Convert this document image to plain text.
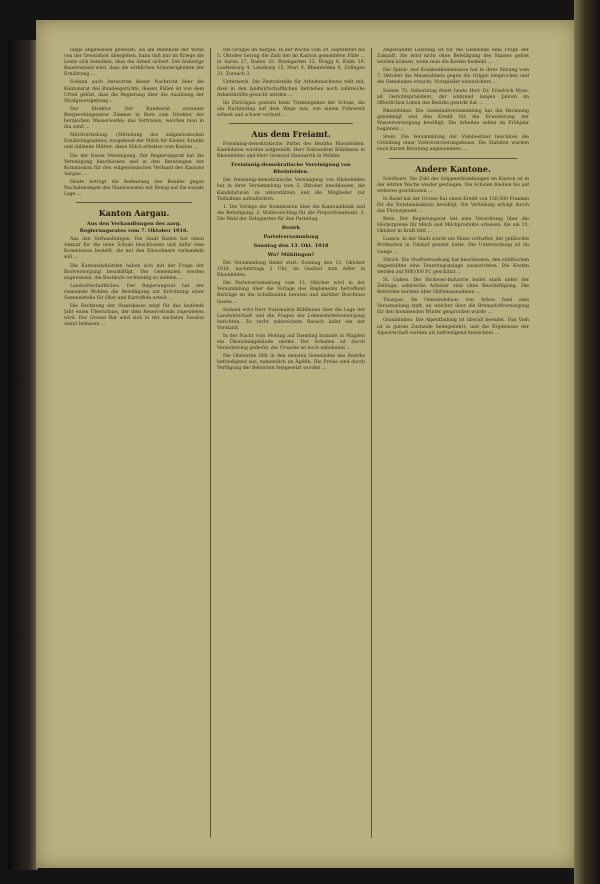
lange abgewiesen gewesen, als am Bahnhofe der Wahn von der Gewissheit übergehen, kann daß nur im Kriege die Leute sich bemühen, dass die Arbeit sichert. Der bisherige Bauernstand wird, dass die wirklichen Schwierigkeiten der Ernährung ...

Sodann auch Antworten dieser Nachricht über die Kantonsrat des Bundesgerichts, diesen Fällen ist von dem Urteil gelöst, dass die Regierung über die Ausübung der Strafgesetzgebung ...

Der Direktor. Der Bundesrat ernannte Bergwerkingenieur Zimmer in Bern zum Direktor der bernischen Wasserwerke; das Vertrauen, welches man in ihn setzt ...

Milchverteilung. (Mitteilung des eidgenössischen Ernährungsamtes) Ausgehend der Milch für Kinder, Kranke und stillende Mütter; diese Milch erhalten vom Kanton ...

Die der Rasse Vereinigung. Der Regierungsrat hat die Vereinigung beschlossen und in den Beratungen der Kommission für den eidgenössischen Verband des Kantons Aargau ...

Heute beträgt die Bedeutung des Bundes gegen Nachahmungen des Staatswesens mit Bezug auf die soziale Lage ...

Kanton Aargau.
Aus den Verhandlungen des aarg. Regierungsrates vom 7. Oktober 1918.

Aus den Verhandlungen. Die Stadt Baden hat einen Ankauf für die neue Schule beschlossen und dafür eine Kommission bestellt, die mit den Einwohnern verhandeln soll ...

Die Kantonsbehörden haben sich mit der Frage der Brotversorgung beschäftigt. Die Gemeinden werden angewiesen, die Bestände rechtzeitig zu melden ...

Landwirtschaftliches. Der Regierungsrat hat der Gemeinde Wohlen die Bewilligung zur Errichtung einer Sammelstelle für Obst und Kartoffeln erteilt ...

Die Rechnung der Staatskasse zeigt für das laufende Jahr einen Überschuss, der dem Reservefonds zugewiesen wird. Der Grosse Rat wird sich in der nächsten Session damit befassen ...

Die Gruppe im Aargau. In der Woche vom 29. September bis 5. Oktober betrug die Zahl der im Kanton gemeldeten Fälle ... in Aarau 27, Baden 33, Bremgarten 12, Brugg 8, Kulm 19, Laufenburg 4, Lenzburg 15, Muri 9, Rheinfelden 6, Zofingen 21, Zurzach 3.

Unterwerb. Die Zentralstelle für Arbeitsnachweis teilt mit, dass in den landwirtschaftlichen Betrieben noch zahlreiche Arbeitskräfte gesucht werden ...

Im Zürichgau gestern beim Trinkengehen der Schule, die am Nachmittag auf dem Wege war, von einem Fuhrwerk erfasst und schwer verletzt ...

Aus dem Freiamt.

Freisinnig-demokratische Partei des Bezirks Rheinfelden. Kandidaten wurden aufgestellt: Herr Nationalrat Bühlmann in Rheinfelden und Herr Grossrat Hauswirth in Möhlin.

Freisinnig-demokratische Vereinigung von Rheinfelden.

Die freisinnig-demokratische Vereinigung von Rheinfelden hat in ihrer Versammlung vom 5. Oktober beschlossen, die Kandidaturen zu unterstützen und die Mitglieder zur Teilnahme aufzufordern.

1. Die Vorlage der Kommission über die Kantonalbank und die Beteiligung. 2. Wahlvorschlag für die Proportionalwahl. 3. Die Wahl der Delegierten für den Parteitag.

Bezirk
Parteiversammlung
Sonntag den 13. Okt. 1918
Wo? Mühlingen?

Die Versammlung findet statt: Sonntag den 13. Oktober 1918, nachmittags 2 Uhr, im Gasthof zum Adler in Rheinfelden.

Die Parteiversammlung vom 13. Oktober wird in der Versammlung über die Vorlage des Reglements betreffend Beiträge an die Schulbauten beraten und darüber Beschluss fassen ...

Sodann wird Herr Nationalrat Bühlmann über die Lage der Landwirtschaft und die Fragen der Lebensmittelversorgung berichten. Zu recht zahlreichem Besuch ladet ein der Vorstand.

In der Nacht vom Montag auf Dienstag brannte in Magden ein Ökonomiegebäude nieder. Der Schaden ist durch Versicherung gedeckt; die Ursache ist noch unbekannt ...

Die Obsternte fällt in den meisten Gemeinden des Bezirks befriedigend aus, namentlich an Äpfeln. Die Preise sind durch Verfügung der Behörden festgesetzt worden ...

Angewandte Leistung ist für die Gemeinde eine Frage der Zukunft. Sie wird nicht ohne Beteiligung des Staates gelöst werden können, wenn man die Kosten bedenkt ...

Die Spital- und Krankenkommission hat in ihrer Sitzung vom 7. Oktober die Massnahmen gegen die Grippe besprochen und die Gemeinden ersucht, Notspitäler einzurichten ...

Seinen 70. Geburtstag feiert heute Herr Dr. Friedrich Wyss, alt Gerichtspräsident, der während langen Jahren im öffentlichen Leben des Bezirks gewirkt hat ...

Rheinfelden. Die Gemeindeversammlung hat die Rechnung genehmigt und den Kredit für die Erweiterung der Wasserversorgung bewilligt. Die Arbeiten sollen im Frühjahr beginnen ...

Stein. Die Versammlung der Viehbesitzer beschloss die Gründung einer Viehversicherungskasse. Die Statuten wurden nach kurzer Beratung angenommen ...

Andere Kantone.

Solothurn. Die Zahl der Grippeerkrankungen im Kanton ist in der letzten Woche wieder gestiegen. Die Schulen bleiben bis auf weiteres geschlossen ...

In Basel hat der Grosse Rat einen Kredit von 150,000 Franken für die Notstandsaktion bewilligt. Die Verteilung erfolgt durch das Fürsorgeamt ...

Bern. Der Regierungsrat hat eine Verordnung über die Höchstpreise für Milch und Milchprodukte erlassen, die am 15. Oktober in Kraft tritt ...

Luzern. In der Stadt wurde ein Mann verhaftet, der gefälschte Brotkarten in Umlauf gesetzt hatte. Die Untersuchung ist im Gange ...

Zürich. Die Stadtverwaltung hat beschlossen, den städtischen Angestellten eine Teuerungszulage auszurichten. Die Kosten werden auf 800,000 Fr. geschätzt ...

St. Gallen. Die Stickerei-Industrie leidet stark unter der Zeitlage; zahlreiche Arbeiter sind ohne Beschäftigung. Die Behörden beraten über Hilfsmassnahmen ...

Thurgau. Im Gemeindehaus von Arbon fand eine Versammlung statt, an welcher über die Brennstoffversorgung für den kommenden Winter gesprochen wurde ...

Graubünden. Die Alpentladung ist überall beendet. Das Vieh ist in gutem Zustande heimgekehrt, und die Ergebnisse der Alpwirtschaft werden als befriedigend bezeichnet ...
